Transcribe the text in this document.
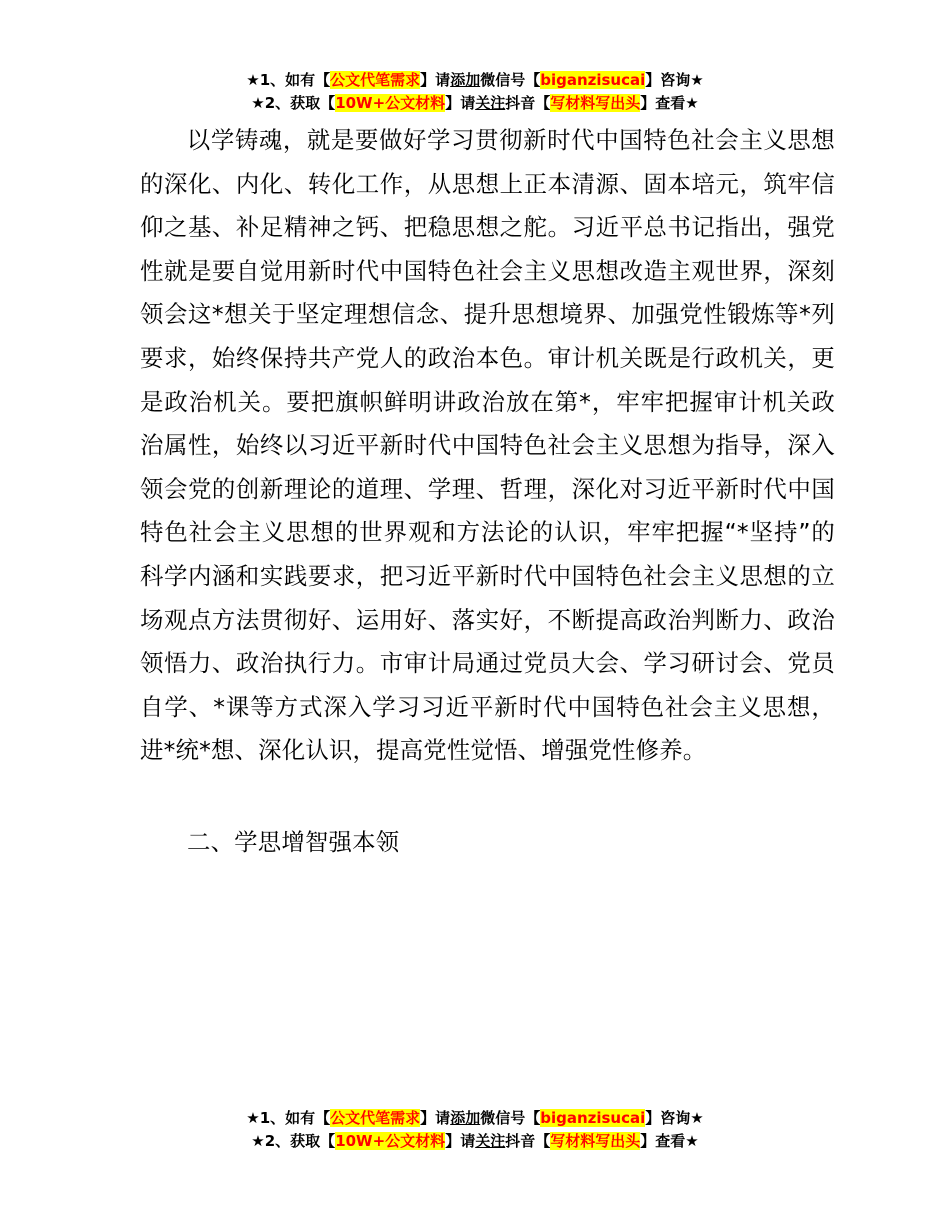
★1、如有【公文代笔需求】请添加微信号【biganzisucai】咨询★
★2、获取【10W+公文材料】请关注抖音【写材料写出头】查看★

以学铸魂，就是要做好学习贯彻新时代中国特色社会主义思想的深化、内化、转化工作，从思想上正本清源、固本培元，筑牢信仰之基、补足精神之钙、把稳思想之舵。习近平总书记指出，强党性就是要自觉用新时代中国特色社会主义思想改造主观世界，深刻领会这*想关于坚定理想信念、提升思想境界、加强党性锻炼等*列要求，始终保持共产党人的政治本色。审计机关既是行政机关，更是政治机关。要把旗帜鲜明讲政治放在第*，牢牢把握审计机关政治属性，始终以习近平新时代中国特色社会主义思想为指导，深入领会党的创新理论的道理、学理、哲理，深化对习近平新时代中国特色社会主义思想的世界观和方法论的认识，牢牢把握“*坚持”的科学内涵和实践要求，把习近平新时代中国特色社会主义思想的立场观点方法贯彻好、运用好、落实好，不断提高政治判断力、政治领悟力、政治执行力。市审计局通过党员大会、学习研讨会、党员自学、*课等方式深入学习习近平新时代中国特色社会主义思想，进*统*想、深化认识，提高党性觉悟、增强党性修养。

二、学思增智强本领
★1、如有【公文代笔需求】请添加微信号【biganzisucai】咨询★
★2、获取【10W+公文材料】请关注抖音【写材料写出头】查看★
